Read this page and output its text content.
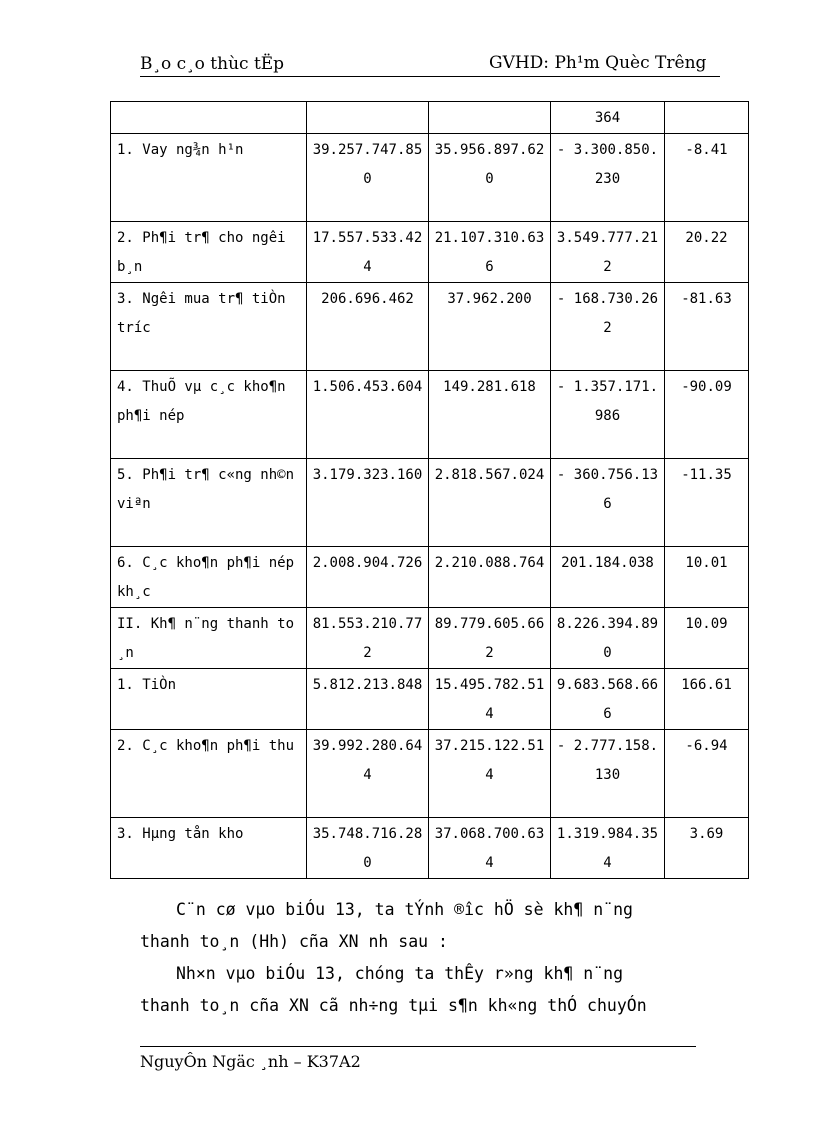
B¸o c¸o thùc tËp	GVHD: Ph¹m Quèc Trêng
			364	
1. Vay ng¾n h¹n	39.257.747.850	35.956.897.620	- 3.300.850.230	-8.41
2. Ph¶i tr¶ cho ngêi b¸n	17.557.533.424	21.107.310.636	3.549.777.212	20.22
3. Ngêi mua tr¶ tiÒn tríc	206.696.462	37.962.200	- 168.730.262	-81.63
4. ThuÕ vµ c¸c kho¶n ph¶i nép	1.506.453.604	149.281.618	- 1.357.171.986	-90.09
5. Ph¶i tr¶ c«ng nh©n viªn	3.179.323.160	2.818.567.024	- 360.756.136	-11.35
6. C¸c kho¶n ph¶i nép kh¸c	2.008.904.726	2.210.088.764	201.184.038	10.01
II. Kh¶ n¨ng thanh to¸n	81.553.210.772	89.779.605.662	8.226.394.890	10.09
1. TiÒn	5.812.213.848	15.495.782.514	9.683.568.666	166.61
2. C¸c kho¶n ph¶i thu	39.992.280.644	37.215.122.514	- 2.777.158.130	-6.94
3. Hµng tån kho	35.748.716.280	37.068.700.634	1.319.984.354	3.69
C¨n cø vµo biÓu 13, ta tÝnh ®îc hÖ sè kh¶ n¨ng
thanh to¸n (Hh) cña XN nh sau :
Nh×n vµo biÓu 13, chóng ta thÊy r»ng kh¶ n¨ng
thanh to¸n cña XN cã nh÷ng tµi s¶n kh«ng thÓ chuyÓn
NguyÔn Ngäc ¸nh – K37A2
